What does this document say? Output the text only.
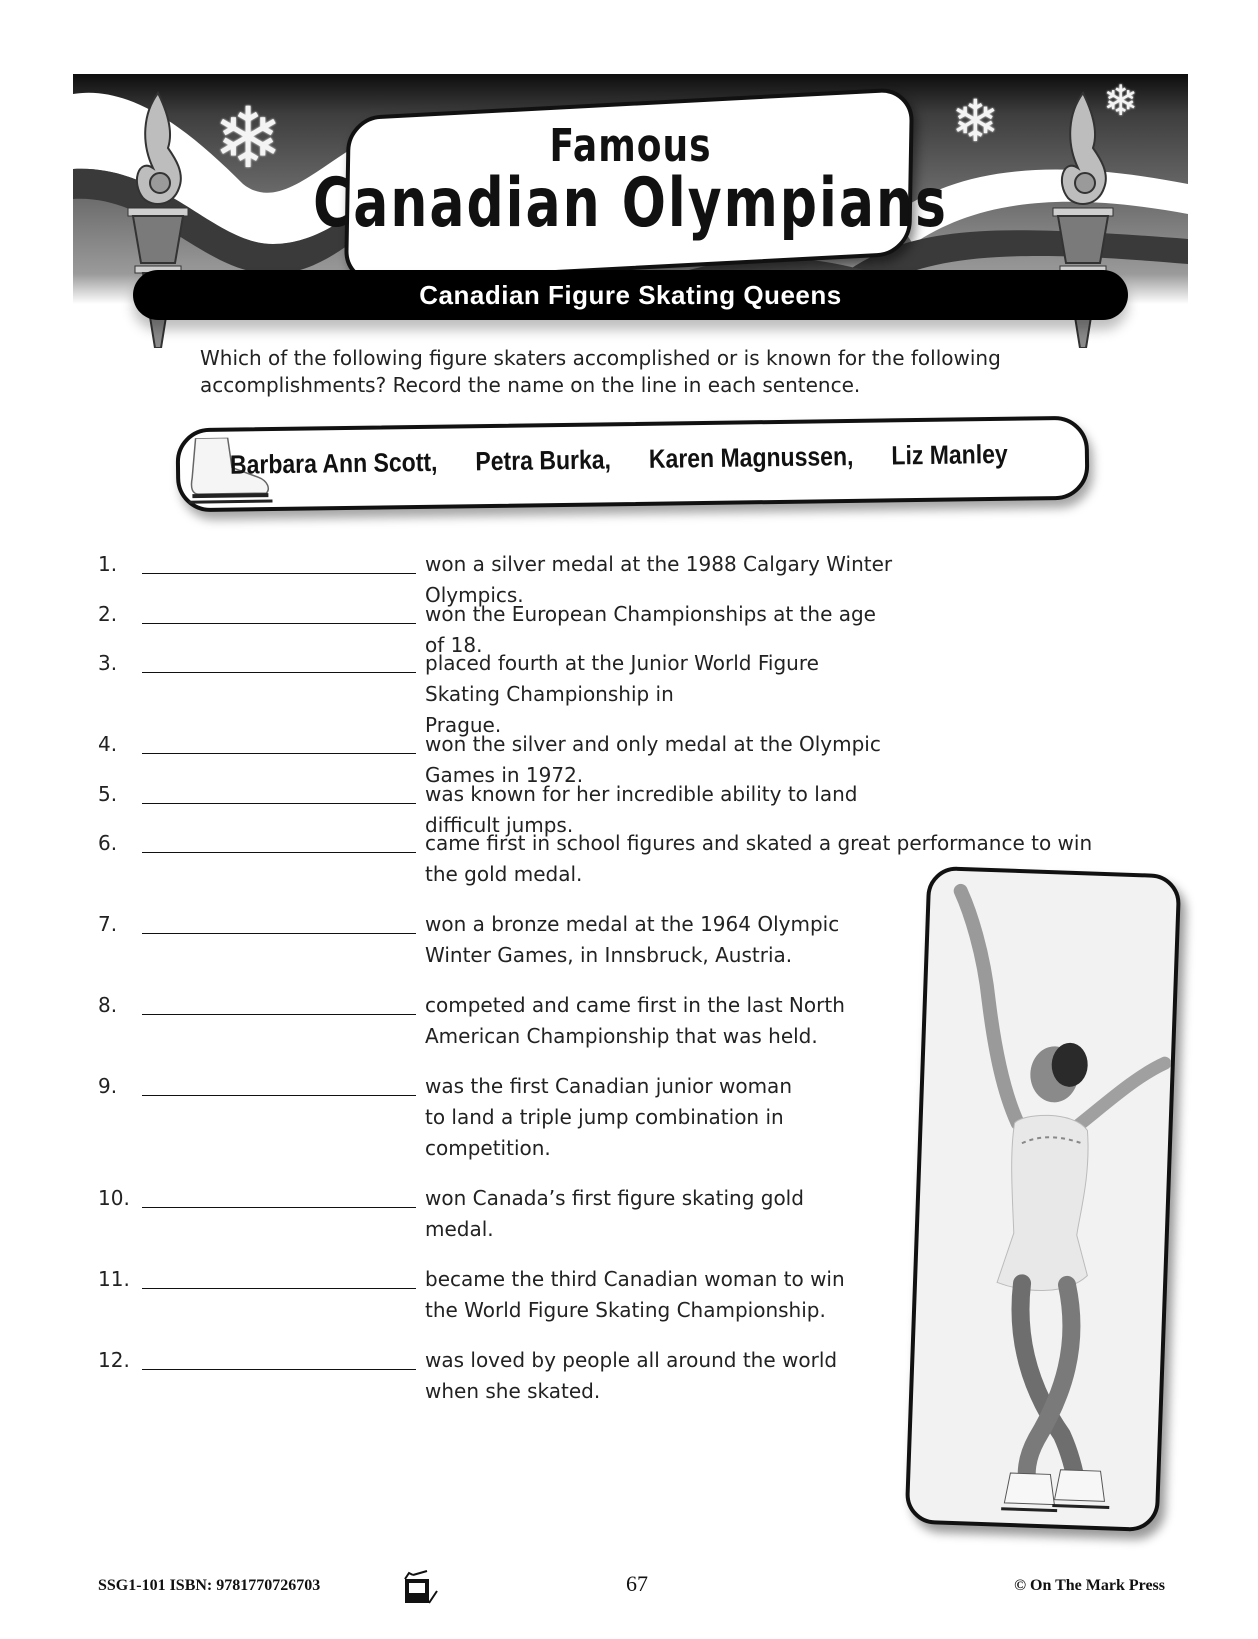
❄	❄ ❄
Famous
Canadian Olympians
Canadian Figure Skating Queens
Which of the following figure skaters accomplished or is known for the following accomplishments? Record the name on the line in each sentence.
Barbara Ann Scott, Petra Burka, Karen Magnussen, Liz Manley
1.	won a silver medal at the 1988 Calgary Winter Olympics.
2.	won the European Championships at the age of 18.
3.	placed fourth at the Junior World Figure Skating Championship in
Prague.
4.	won the silver and only medal at the Olympic Games in 1972.
5.	was known for her incredible ability to land difficult jumps.
6.	came first in school figures and skated a great performance to win
the gold medal.
7.	won a bronze medal at the 1964 Olympic
Winter Games, in Innsbruck, Austria.
8.	competed and came first in the last North
American Championship that was held.
9.	was the first Canadian junior woman
to land a triple jump combination in
competition.
10.	won Canada’s first figure skating gold
medal.
11.	became the third Canadian woman to win
the World Figure Skating Championship.
12.	was loved by people all around the world
when she skated.
SSG1-101 ISBN: 9781770726703	67	© On The Mark Press
